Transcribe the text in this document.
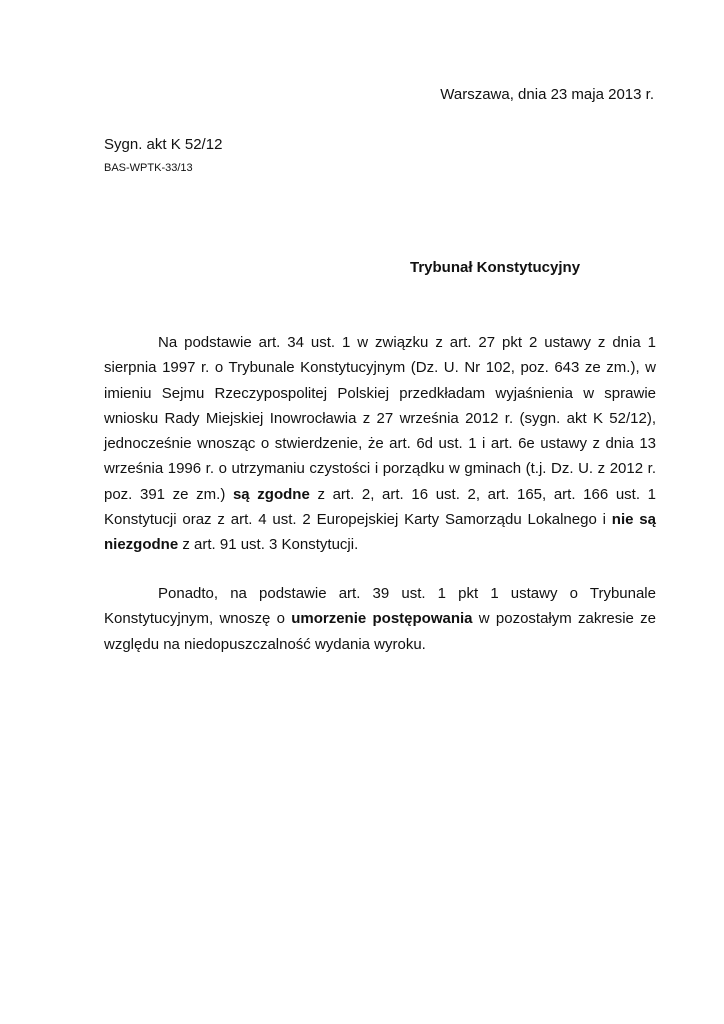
Warszawa, dnia 23 maja 2013 r.
Sygn. akt K 52/12
BAS-WPTK-33/13
Trybunał Konstytucyjny

Na podstawie art. 34 ust. 1 w związku z art. 27 pkt 2 ustawy z dnia 1 sierpnia 1997 r. o Trybunale Konstytucyjnym (Dz. U. Nr 102, poz. 643 ze zm.), w imieniu Sejmu Rzeczypospolitej Polskiej przedkładam wyjaśnienia w sprawie wniosku Rady Miejskiej Inowrocławia z 27 września 2012 r. (sygn. akt K 52/12), jednocześnie wnosząc o stwierdzenie, że art. 6d ust. 1 i art. 6e ustawy z dnia 13 września 1996 r. o utrzymaniu czystości i porządku w gminach (t.j. Dz. U. z 2012 r. poz. 391 ze zm.) są zgodne z art. 2, art. 16 ust. 2, art. 165, art. 166 ust. 1 Konstytucji oraz z art. 4 ust. 2 Europejskiej Karty Samorządu Lokalnego i nie są niezgodne z art. 91 ust. 3 Konstytucji.

Ponadto, na podstawie art. 39 ust. 1 pkt 1 ustawy o Trybunale Konstytucyjnym, wnoszę o umorzenie postępowania w pozostałym zakresie ze względu na niedopuszczalność wydania wyroku.
